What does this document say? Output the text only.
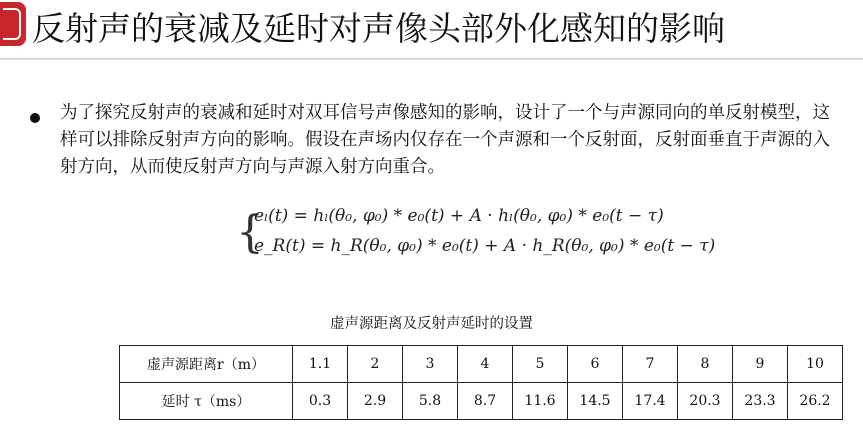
反射声的衰减及延时对声像头部外化感知的影响

为了探究反射声的衰减和延时对双耳信号声像感知的影响，设计了一个与声源同向的单反射模型，这样可以排除反射声方向的影响。假设在声场内仅存在一个声源和一个反射面，反射面垂直于声源的入射方向，从而使反射声方向与声源入射方向重合。

{
eₗ(t) = hₗ(θ₀, φ₀) * e₀(t) + A · hₗ(θ₀, φ₀) * e₀(t − τ)
e_R(t) = h_R(θ₀, φ₀) * e₀(t) + A · h_R(θ₀, φ₀) * e₀(t − τ)

虚声源距离及反射声延时的设置

虚声源距离r（m）	1.1	2	3	4	5	6	7	8	9	10
延时 τ（ms）	0.3	2.9	5.8	8.7	11.6	14.5	17.4	20.3	23.3	26.2
